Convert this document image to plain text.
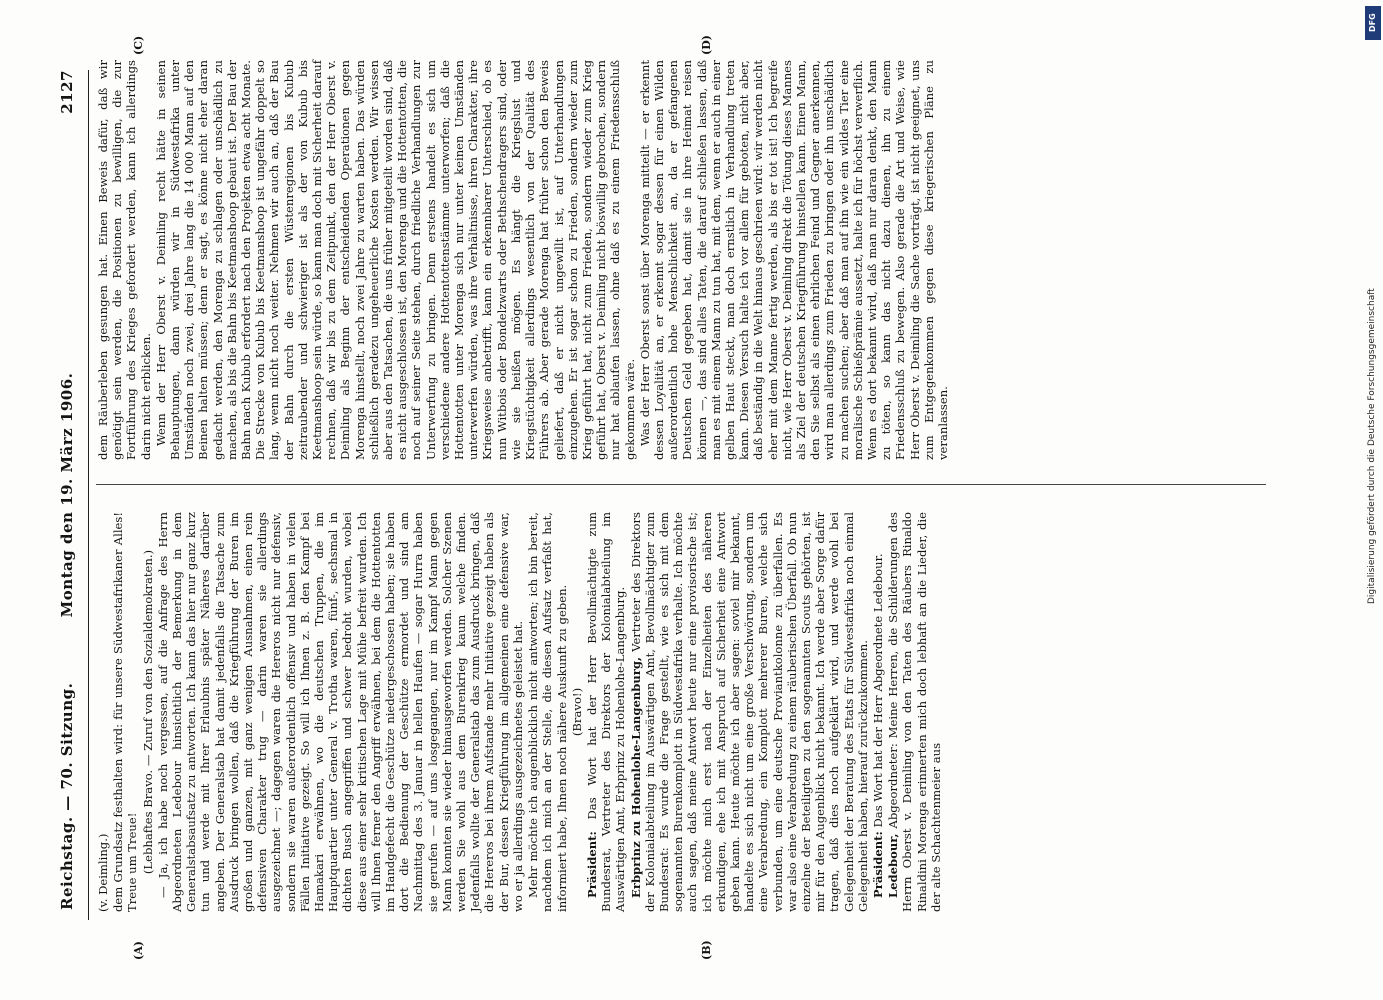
Reichstag. — 70. Sitzung.
Montag den 19. März 1906.
2127
(A)	(B)
(C)	(D)

(v. Deimling.) dem Grundsatz festhalten wird: für unsere Südwestafrikaner Alles! Treue um Treue! (Lebhaftes Bravo. — Zuruf von den Sozialdemokraten.) — Ja, ich habe noch vergessen, auf die Anfrage des Herrn Abgeordneten Ledebour hinsichtlich der Bemerkung in dem Generalstabsaufsatz zu antworten. Ich kann das hier nur ganz kurz tun und werde mit Ihrer Erlaubnis später Näheres darüber angeben. Der Generalstab hat damit jedenfalls die Tatsache zum Ausdruck bringen wollen, daß die Kriegführung der Buren im großen und ganzen, mit ganz wenigen Ausnahmen, einen rein defensiven Charakter trug — darin waren sie allerdings ausgezeichnet —; dagegen waren die Hereros nicht nur defensiv, sondern sie waren außerordentlich offensiv und haben in vielen Fällen Initiative gezeigt. So will ich Ihnen z. B. den Kampf bei Hamakari erwähnen, wo die deutschen Truppen, die im Hauptquartier unter General v. Trotha waren, fünf-, sechsmal in dichten Busch angegriffen und schwer bedroht wurden, wobei diese aus einer sehr kritischen Lage mit Mühe befreit wurden. Ich will Ihnen ferner den Angriff erwähnen, bei dem die Hottentotten im Handgefecht die Geschütze niedergeschossen haben; sie haben dort die Bedienung der Geschütze ermordet und sind am Nachmittag des 3. Januar in hellen Haufen — sogar Hurra haben sie gerufen — auf uns losgegangen, nur im Kampf Mann gegen Mann konnten sie wieder hinausgeworfen werden. Solcher Szenen werden Sie wohl aus dem Burenkrieg kaum welche finden. Jedenfalls wollte der Generalstab das zum Ausdruck bringen, daß die Hereros bei ihrem Aufstande mehr Initiative gezeigt haben als der Bur, dessen Kriegführung im allgemeinen eine defensive war, wo er ja allerdings ausgezeichnetes geleistet hat. Mehr möchte ich augenblicklich nicht antworten; ich bin bereit, nachdem ich mich an der Stelle, die diesen Aufsatz verfaßt hat, informiert habe, Ihnen noch nähere Auskunft zu geben. (Bravo!)

Präsident: Das Wort hat der Herr Bevollmächtigte zum Bundesrat, Vertreter des Direktors der Kolonialabteilung im Auswärtigen Amt, Erbprinz zu Hohenlohe-Langenburg. Erbprinz zu Hohenlohe-Langenburg, Vertreter des Direktors der Kolonialabteilung im Auswärtigen Amt, Bevollmächtigter zum Bundesrat: Es wurde die Frage gestellt, wie es sich mit dem sogenannten Burenkomplott in Südwestafrika verhalte. Ich möchte auch sagen, daß meine Antwort heute nur eine provisorische ist; ich möchte mich erst nach der Einzelheiten des näheren erkundigen, ehe ich mit Anspruch auf Sicherheit eine Antwort geben kann. Heute möchte ich aber sagen: soviel mir bekannt, handelte es sich nicht um eine große Verschwörung, sondern um eine Verabredung, ein Komplott mehrerer Buren, welche sich verbunden, um eine deutsche Proviantkolonne zu überfallen. Es war also eine Verabredung zu einem räuberischen Überfall. Ob nun einzelne der Beteiligten zu den sogenannten Scouts gehörten, ist mir für den Augenblick nicht bekannt. Ich werde aber Sorge dafür tragen, daß dies noch aufgeklärt wird, und werde wohl bei Gelegenheit der Beratung des Etats für Südwestafrika noch einmal Gelegenheit haben, hierauf zurückzukommen. Präsident: Das Wort hat der Herr Abgeordnete Ledebour.

Ledebour, Abgeordneter: Meine Herren, die Schilderungen des Herrn Oberst v. Deimling von den Taten des Räubers Rinaldo Rinaldini Morenga erinnerten mich doch lebhaft an die Lieder, die der alte Schachtenmeier aus

dem Räuberleben gesungen hat. Einen Beweis dafür, daß wir genötigt sein werden, die Positionen zu bewilligen, die zur Fortführung des Krieges gefordert werden, kann ich allerdings darin nicht erblicken. Wenn der Herr Oberst v. Deimling recht hätte in seinen Behauptungen, dann würden wir in Südwestafrika unter Umständen noch zwei, drei Jahre lang die 14 000 Mann auf den Beinen halten müssen; denn er sagt, es könne nicht eher daran gedacht werden, den Morenga zu schlagen oder unschädlich zu machen, als bis die Bahn bis Keetmanshoop gebaut ist. Der Bau der Bahn nach Kubub erfordert nach den Projekten etwa acht Monate. Die Strecke von Kubub bis Keetmanshoop ist ungefähr doppelt so lang, wenn nicht noch weiter. Nehmen wir auch an, daß der Bau der Bahn durch die ersten Wüstenregionen bis Kubub zeitraubender und schwieriger ist als der von Kubub bis Keetmanshoop sein würde, so kann man doch mit Sicherheit darauf rechnen, daß wir bis zu dem Zeitpunkt, den der Herr Oberst v. Deimling als Beginn der entscheidenden Operationen gegen Morenga hinstellt, noch zwei Jahre zu warten haben. Das würden schließlich geradezu ungeheuerliche Kosten werden. Wir wissen aber aus den Tatsachen, die uns früher mitgeteilt worden sind, daß es nicht ausgeschlossen ist, den Morenga und die Hottentotten, die noch auf seiner Seite stehen, durch friedliche Verhandlungen zur Unterwerfung zu bringen. Denn erstens handelt es sich um verschiedene andere Hottentottenstämme unterworfen; daß die Hottentotten unter Morenga sich nur unter keinen Umständen unterwerfen würden, was ihre Verhältnisse, ihren Charakter, ihre Kriegsweise anbetrifft, kann ein erkennbarer Unterschied, ob es nun Witbois oder Bondelzwarts oder Bethschendragers sind, oder wie sie heißen mögen. Es hängt die Kriegslust und Kriegstüchtigkeit allerdings wesentlich von der Qualität des Führers ab. Aber gerade Morenga hat früher schon den Beweis geliefert, daß er nicht ungewillt ist, auf Unterhandlungen einzugehen. Er ist sogar schon zu Frieden, sondern wieder zum Krieg geführt hat, nicht zum Frieden, sondern wieder zum Krieg geführt hat, Oberst v. Deimling nicht böswillig gebrochen, sondern nur hat ablaufen lassen, ohne daß es zu einem Friedensschluß gekommen wäre. Was der Herr Oberst sonst über Morenga mitteilt — er erkennt dessen Loyalität an, er erkennt sogar dessen für einen Wilden außerordentlich hohe Menschlichkeit an, da er gefangenen Deutschen Geld gegeben hat, damit sie in ihre Heimat reisen können —, das sind alles Taten, die darauf schließen lassen, daß man es mit einem Mann zu tun hat, mit dem, wenn er auch in einer gelben Haut steckt, man doch ernstlich in Verhandlung treten kann. Diesen Versuch halte ich vor allem für geboten, nicht aber, daß beständig in die Welt hinaus geschrieen wird: wir werden nicht eher mit dem Manne fertig werden, als bis er tot ist! Ich begreife nicht, wie Herr Oberst v. Deimling direkt die Tötung dieses Mannes als Ziel der deutschen Kriegführung hinstellen kann. Einen Mann, den Sie selbst als einen ehrlichen Feind und Gegner anerkennen, wird man allerdings zum Frieden zu bringen oder ihn unschädlich zu machen suchen; aber daß man auf ihn wie ein wildes Tier eine moralische Schießprämie aussetzt, halte ich für höchst verwerflich. Wenn es dort bekannt wird, daß man nur daran denkt, den Mann zu töten, so kann das nicht dazu dienen, ihn zu einem Friedensschluß zu bewegen. Also gerade die Art und Weise, wie Herr Oberst v. Deimling die Sache vorträgt, ist nicht geeignet, uns zum Entgegenkommen gegen diese kriegerischen Pläne zu veranlassen.

DFG
Digitalisierung gefördert durch die Deutsche Forschungsgemeinschaft
